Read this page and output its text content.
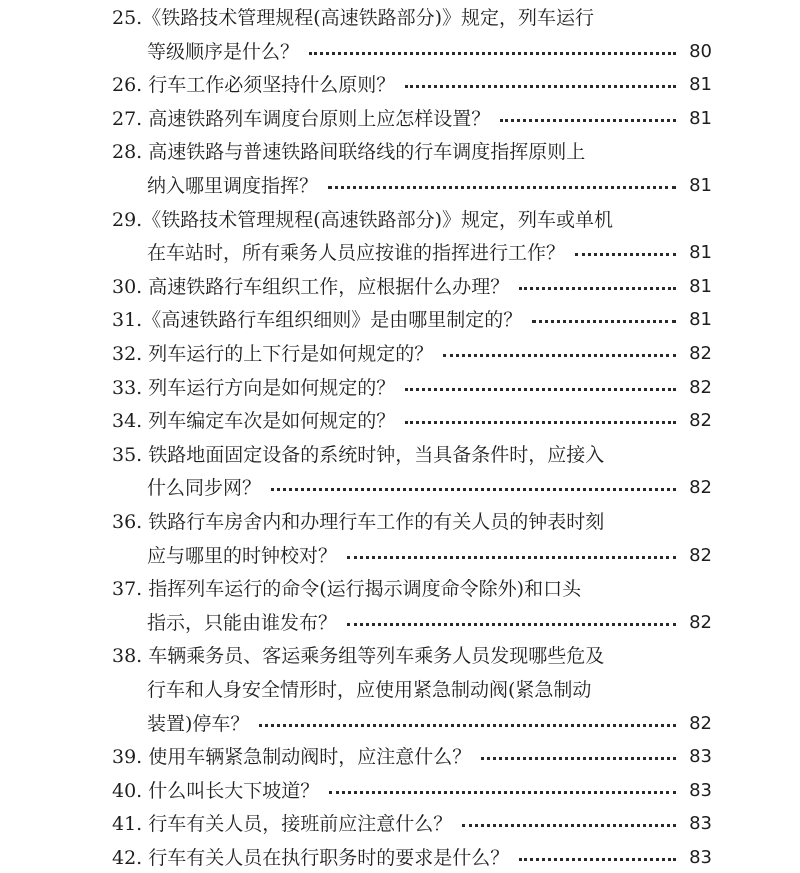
25.《铁路技术管理规程(高速铁路部分)》规定，列车运行
等级顺序是什么？	80
26. 行车工作必须坚持什么原则？	81
27. 高速铁路列车调度台原则上应怎样设置？	81
28. 高速铁路与普速铁路间联络线的行车调度指挥原则上
纳入哪里调度指挥？	81
29.《铁路技术管理规程(高速铁路部分)》规定，列车或单机
在车站时，所有乘务人员应按谁的指挥进行工作？	81
30. 高速铁路行车组织工作，应根据什么办理？	81
31.《高速铁路行车组织细则》是由哪里制定的？	81
32. 列车运行的上下行是如何规定的？	82
33. 列车运行方向是如何规定的？	82
34. 列车编定车次是如何规定的？	82
35. 铁路地面固定设备的系统时钟，当具备条件时，应接入
什么同步网？	82
36. 铁路行车房舍内和办理行车工作的有关人员的钟表时刻
应与哪里的时钟校对？	82
37. 指挥列车运行的命令(运行揭示调度命令除外)和口头
指示，只能由谁发布？	82
38. 车辆乘务员、客运乘务组等列车乘务人员发现哪些危及
行车和人身安全情形时，应使用紧急制动阀(紧急制动
装置)停车？	82
39. 使用车辆紧急制动阀时，应注意什么？	83
40. 什么叫长大下坡道？	83
41. 行车有关人员，接班前应注意什么？	83
42. 行车有关人员在执行职务时的要求是什么？	83
